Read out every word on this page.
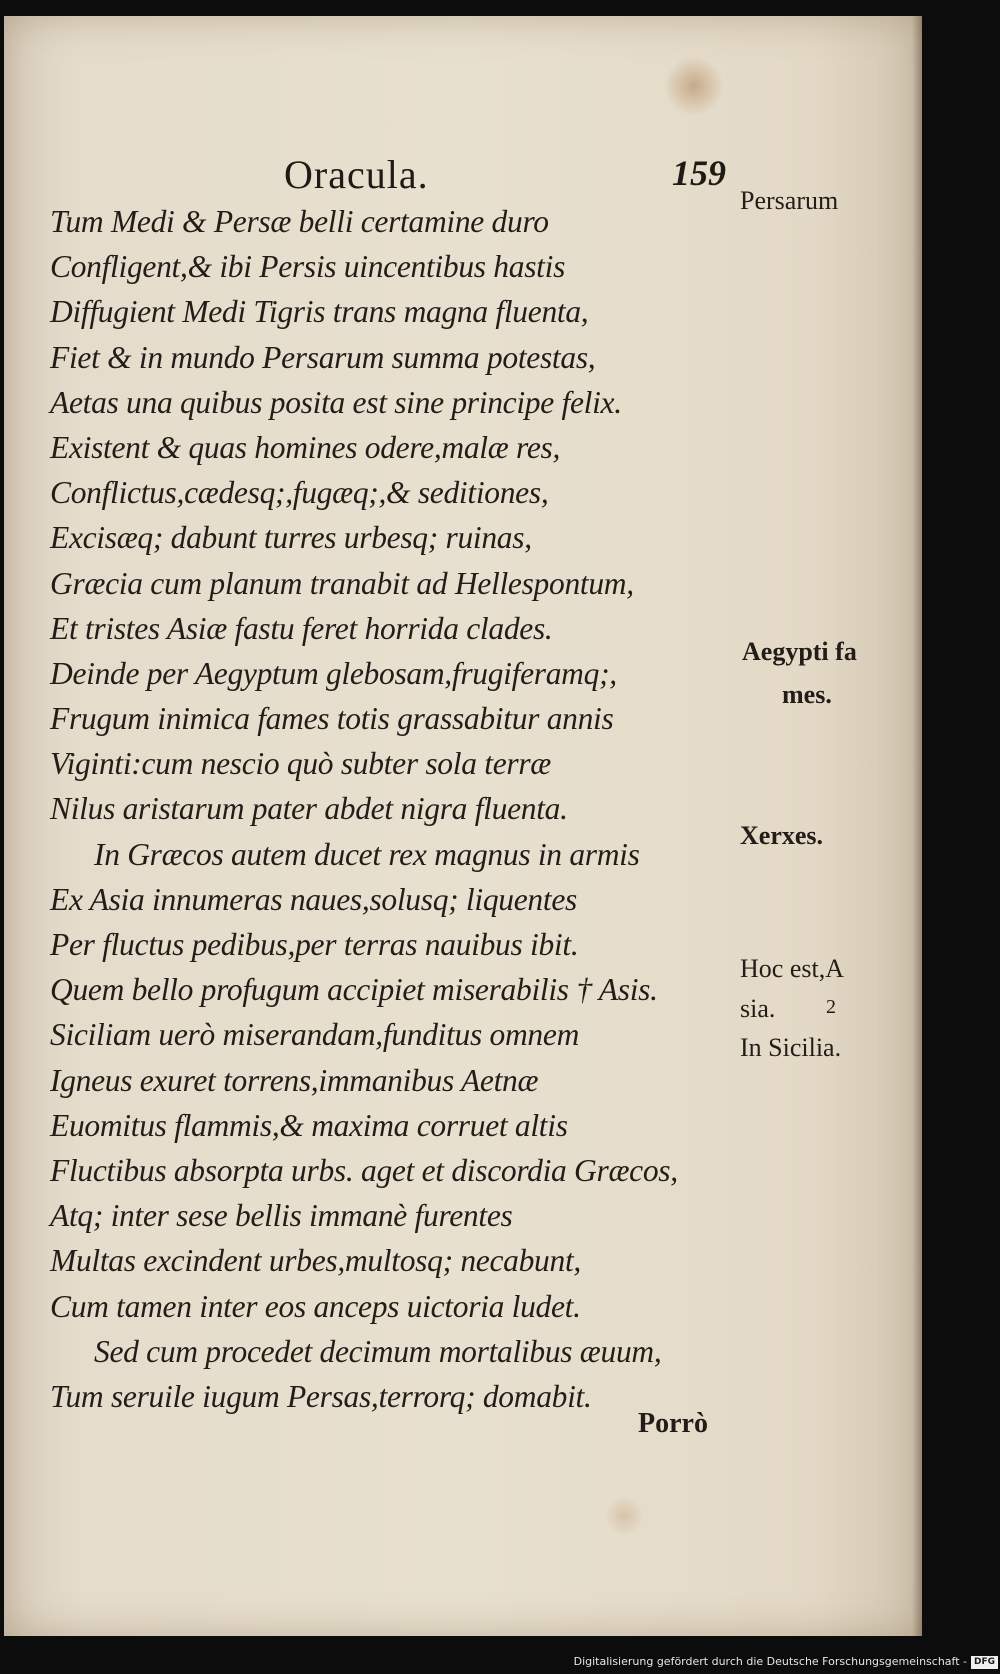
Oracula.	159
Tum Medi & Persæ belli certamine duro
Confligent,& ibi Persis uincentibus hastis
Diffugient Medi Tigris trans magna fluenta,
Fiet & in mundo Persarum summa potestas,
Aetas una quibus posita est sine principe felix.
Existent & quas homines odere,malæ res,
Conflictus,cædesq;,fugæq;,& seditiones,
Excisæq; dabunt turres urbesq; ruinas,
Græcia cum planum tranabit ad Hellespontum,
Et tristes Asiæ fastu feret horrida clades.
Deinde per Aegyptum glebosam,frugiferamq;,
Frugum inimica fames totis grassabitur annis
Viginti:cum nescio quò subter sola terræ
Nilus aristarum pater abdet nigra fluenta.
In Græcos autem ducet rex magnus in armis
Ex Asia innumeras naues,solusq; liquentes
Per fluctus pedibus,per terras nauibus ibit.
Quem bello profugum accipiet miserabilis † Asis.
Siciliam uerò miserandam,funditus omnem
Igneus exuret torrens,immanibus Aetnæ
Euomitus flammis,& maxima corruet altis
Fluctibus absorpta urbs. aget et discordia Græcos,
Atq; inter sese bellis immanè furentes
Multas excindent urbes,multosq; necabunt,
Cum tamen inter eos anceps uictoria ludet.
Sed cum procedet decimum mortalibus æuum,
Tum seruile iugum Persas,terrorq; domabit.
Persarum
Aegypti fa
mes.
Xerxes.
Hoc est,A
sia.	2
In Sicilia.
Porrò
Digitalisierung gefördert durch die Deutsche Forschungsgemeinschaft - DFG
